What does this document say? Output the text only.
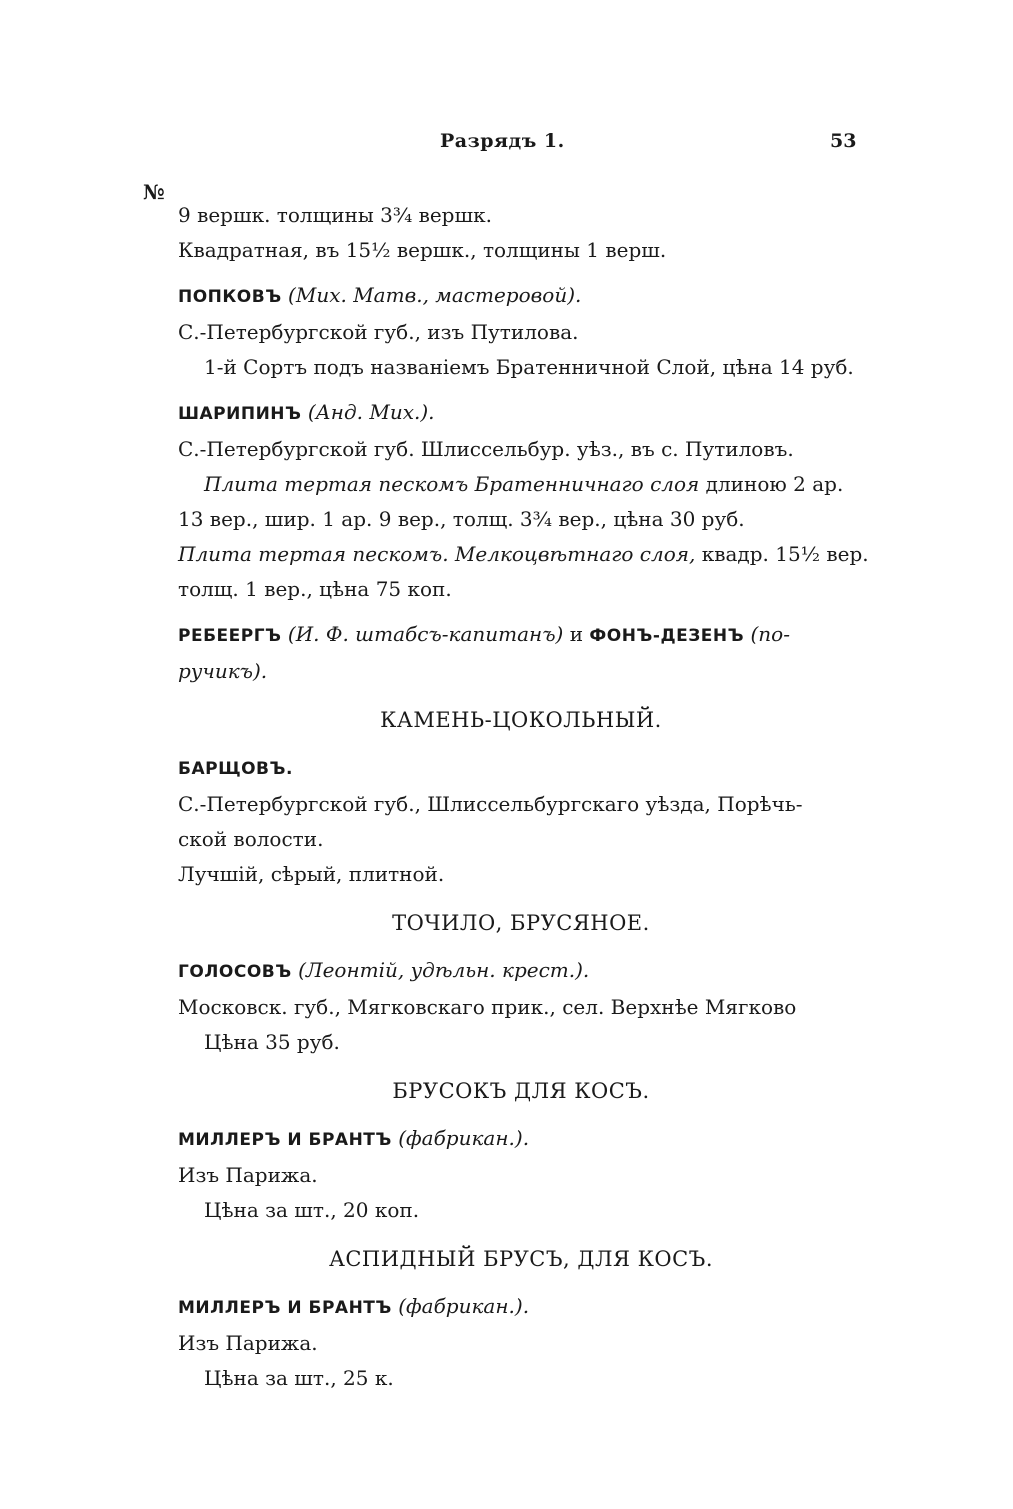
Разрядъ 1.	53
№

9 вершк. толщины 3³⁄₄ вершк.

Квадратная, въ 15½ вершк., толщины 1 верш.

ПОПКОВЪ (Мих. Матв., мастеровой).

С.-Петербургской губ., изъ Путилова.

1-й Сортъ подъ названіемъ Братенничной Слой, цѣна 14 руб.

ШАРИПИНЪ (Анд. Мих.).

С.-Петербургской губ. Шлиссельбур. уѣз., въ с. Путиловъ.

Плита тертая пескомъ Братенничнаго слоя длиною 2 ар.

13 вер., шир. 1 ар. 9 вер., толщ. 3³⁄₄ вер., цѣна 30 руб.

Плита тертая пескомъ. Мелкоцвѣтнаго слоя, квадр. 15½ вер.

толщ. 1 вер., цѣна 75 коп.

РЕБЕЕРГЪ (И. Ф. штабсъ-капитанъ) и ФОНЪ-ДЕЗЕНЪ (по-

ручикъ).

КАМЕНЬ-ЦОКОЛЬНЫЙ.

БАРЩОВЪ.

С.-Петербургской губ., Шлиссельбургскаго уѣзда, Порѣчь-

ской волости.

Лучшій, сѣрый, плитной.

ТОЧИЛО, БРУСЯНОЕ.

ГОЛОСОВЪ (Леонтій, удѣльн. крест.).

Московск. губ., Мягковскаго прик., сел. Верхнѣе Мягково

Цѣна 35 руб.

БРУСОКЪ ДЛЯ КОСЪ.

МИЛЛЕРЪ И БРАНТЪ (фабрикан.).

Изъ Парижа.

Цѣна за шт., 20 коп.

АСПИДНЫЙ БРУСЪ, ДЛЯ КОСЪ.

МИЛЛЕРЪ И БРАНТЪ (фабрикан.).

Изъ Парижа.

Цѣна за шт., 25 к.
